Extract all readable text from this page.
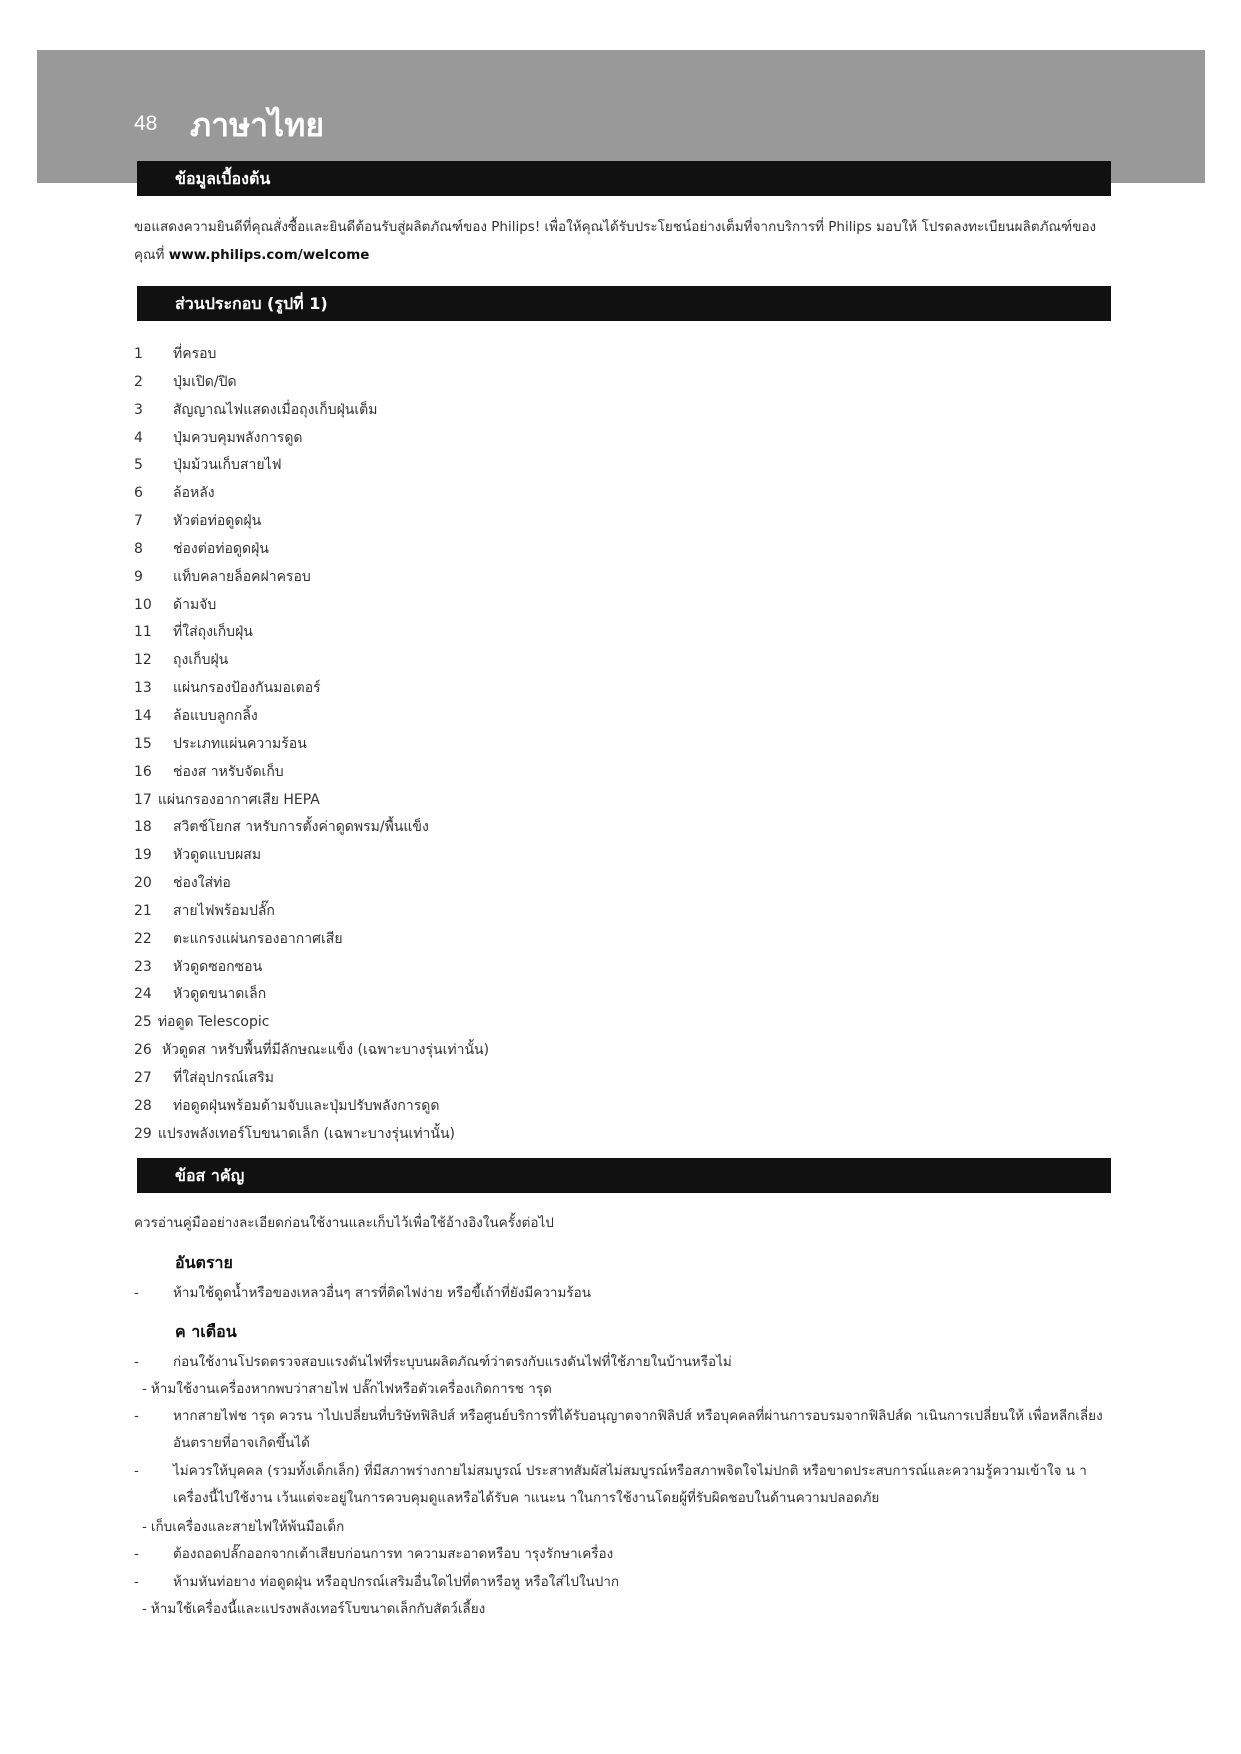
48 ภาษาไทย
ข้อมูลเบื้องต้น
ขอแสดงความยินดีที่คุณสั่งซื้อและยินดีต้อนรับสู่ผลิตภัณฑ์ของ Philips! เพื่อให้คุณได้รับประโยชน์อย่างเต็มที่จากบริการที่ Philips มอบให้ โปรดลงทะเบียนผลิตภัณฑ์ของคุณที่ www.philips.com/welcome
ส่วนประกอบ (รูปที่ 1)
1 ที่ครอบ
2 ปุ่มเปิด/ปิด
3 สัญญาณไฟแสดงเมื่อถุงเก็บฝุ่นเต็ม
4 ปุ่มควบคุมพลังการดูด
5 ปุ่มม้วนเก็บสายไฟ
6 ล้อหลัง
7 หัวต่อท่อดูดฝุ่น
8 ช่องต่อท่อดูดฝุ่น
9 แท็บคลายล็อคฝาครอบ
10 ด้ามจับ
11 ที่ใส่ถุงเก็บฝุ่น
12 ถุงเก็บฝุ่น
13 แผ่นกรองป้องกันมอเตอร์
14 ล้อแบบลูกกลิ้ง
15 ประเภทแผ่นความร้อน
16 ช่องส าหรับจัดเก็บ
17 แผ่นกรองอากาศเสีย HEPA
18 สวิตช์โยกส าหรับการตั้งค่าดูดพรม/พื้นแข็ง
19 หัวดูดแบบผสม
20 ช่องใส่ท่อ
21 สายไฟพร้อมปลั๊ก
22 ตะแกรงแผ่นกรองอากาศเสีย
23 หัวดูดซอกซอน
24 หัวดูดขนาดเล็ก
25 ท่อดูด Telescopic
26 หัวดูดส าหรับพื้นที่มีลักษณะแข็ง (เฉพาะบางรุ่นเท่านั้น)
27 ที่ใส่อุปกรณ์เสริม
28 ท่อดูดฝุ่นพร้อมด้ามจับและปุ่มปรับพลังการดูด
29 แปรงพลังเทอร์โบขนาดเล็ก (เฉพาะบางรุ่นเท่านั้น)
ข้อส าคัญ
ควรอ่านคู่มืออย่างละเอียดก่อนใช้งานและเก็บไว้เพื่อใช้อ้างอิงในครั้งต่อไป
อันตราย
-	ห้ามใช้ดูดน้ำหรือของเหลวอื่นๆ สารที่ติดไฟง่าย หรือขี้เถ้าที่ยังมีความร้อน
ค าเตือน
-	ก่อนใช้งานโปรดตรวจสอบแรงดันไฟที่ระบุบนผลิตภัณฑ์ว่าตรงกับแรงดันไฟที่ใช้ภายในบ้านหรือไม่
- ห้ามใช้งานเครื่องหากพบว่าสายไฟ ปลั๊กไฟหรือตัวเครื่องเกิดการช ารุด
-	หากสายไฟช ารุด ควรน าไปเปลี่ยนที่บริษัทฟิลิปส์ หรือศูนย์บริการที่ได้รับอนุญาตจากฟิลิปส์ หรือบุคคลที่ผ่านการอบรมจากฟิลิปส์ด าเนินการเปลี่ยนให้ เพื่อหลีกเลี่ยงอันตรายที่อาจเกิดขึ้นได้
-	ไม่ควรให้บุคคล (รวมทั้งเด็กเล็ก) ที่มีสภาพร่างกายไม่สมบูรณ์ ประสาทสัมผัสไม่สมบูรณ์หรือสภาพจิตใจไม่ปกติ หรือขาดประสบการณ์และความรู้ความเข้าใจ น าเครื่องนี้ไปใช้งาน เว้นแต่จะอยู่ในการควบคุมดูแลหรือได้รับค าแนะน าในการใช้งานโดยผู้ที่รับผิดชอบในด้านความปลอดภัย
- เก็บเครื่องและสายไฟให้พ้นมือเด็ก
-	ต้องถอดปลั๊กออกจากเต้าเสียบก่อนการท าความสะอาดหรือบ ารุงรักษาเครื่อง
-	ห้ามหันท่อยาง ท่อดูดฝุ่น หรืออุปกรณ์เสริมอื่นใดไปที่ตาหรือหู หรือใส่ไปในปาก
- ห้ามใช้เครื่องนี้และแปรงพลังเทอร์โบขนาดเล็กกับสัตว์เลี้ยง
